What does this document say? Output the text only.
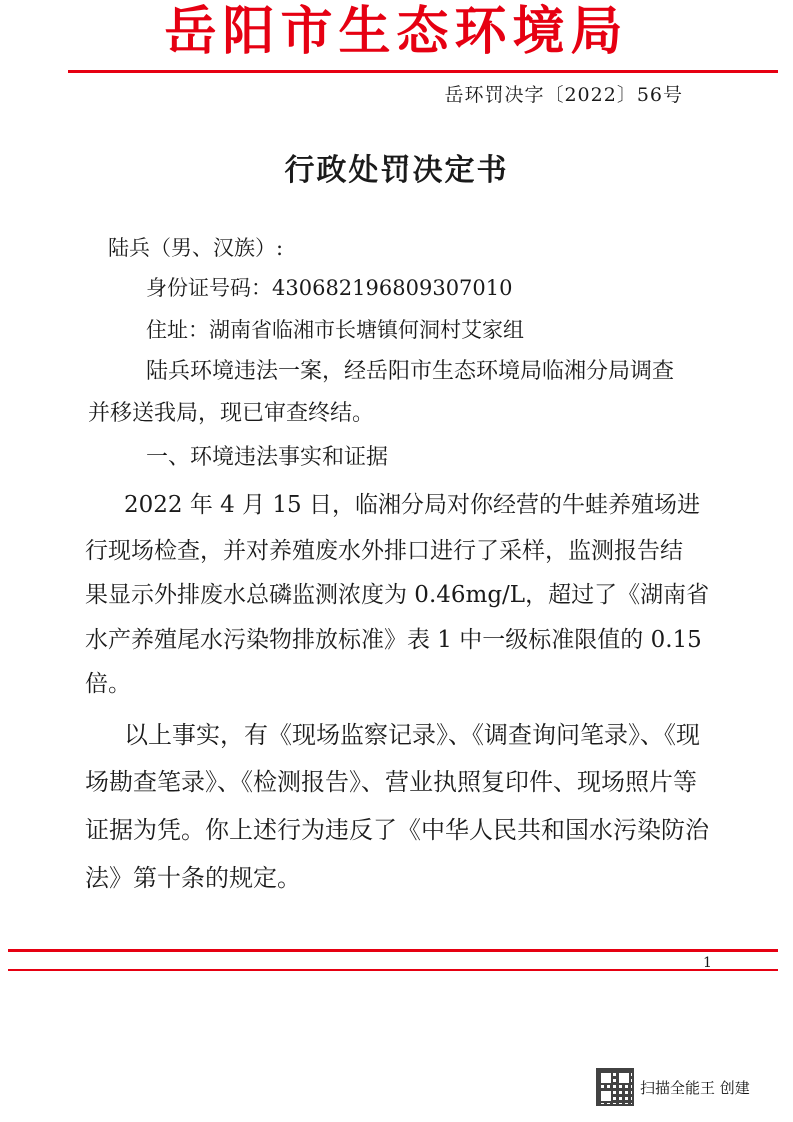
岳阳市生态环境局
岳环罚决字〔2022〕56号
行政处罚决定书
陆兵（男、汉族）:
身份证号码：430682196809307010
住址：湖南省临湘市长塘镇何洞村艾家组
陆兵环境违法一案，经岳阳市生态环境局临湘分局调查
并移送我局，现已审查终结。
一、环境违法事实和证据
2022 年 4 月 15 日，临湘分局对你经营的牛蛙养殖场进
行现场检查，并对养殖废水外排口进行了采样，监测报告结
果显示外排废水总磷监测浓度为 0.46mg/L，超过了《湖南省
水产养殖尾水污染物排放标准》表 1 中一级标准限值的 0.15
倍。
以上事实，有《现场监察记录》、《调查询问笔录》、《现
场勘查笔录》、《检测报告》、营业执照复印件、现场照片等
证据为凭。你上述行为违反了《中华人民共和国水污染防治
法》第十条的规定。
1
扫描全能王 创建
